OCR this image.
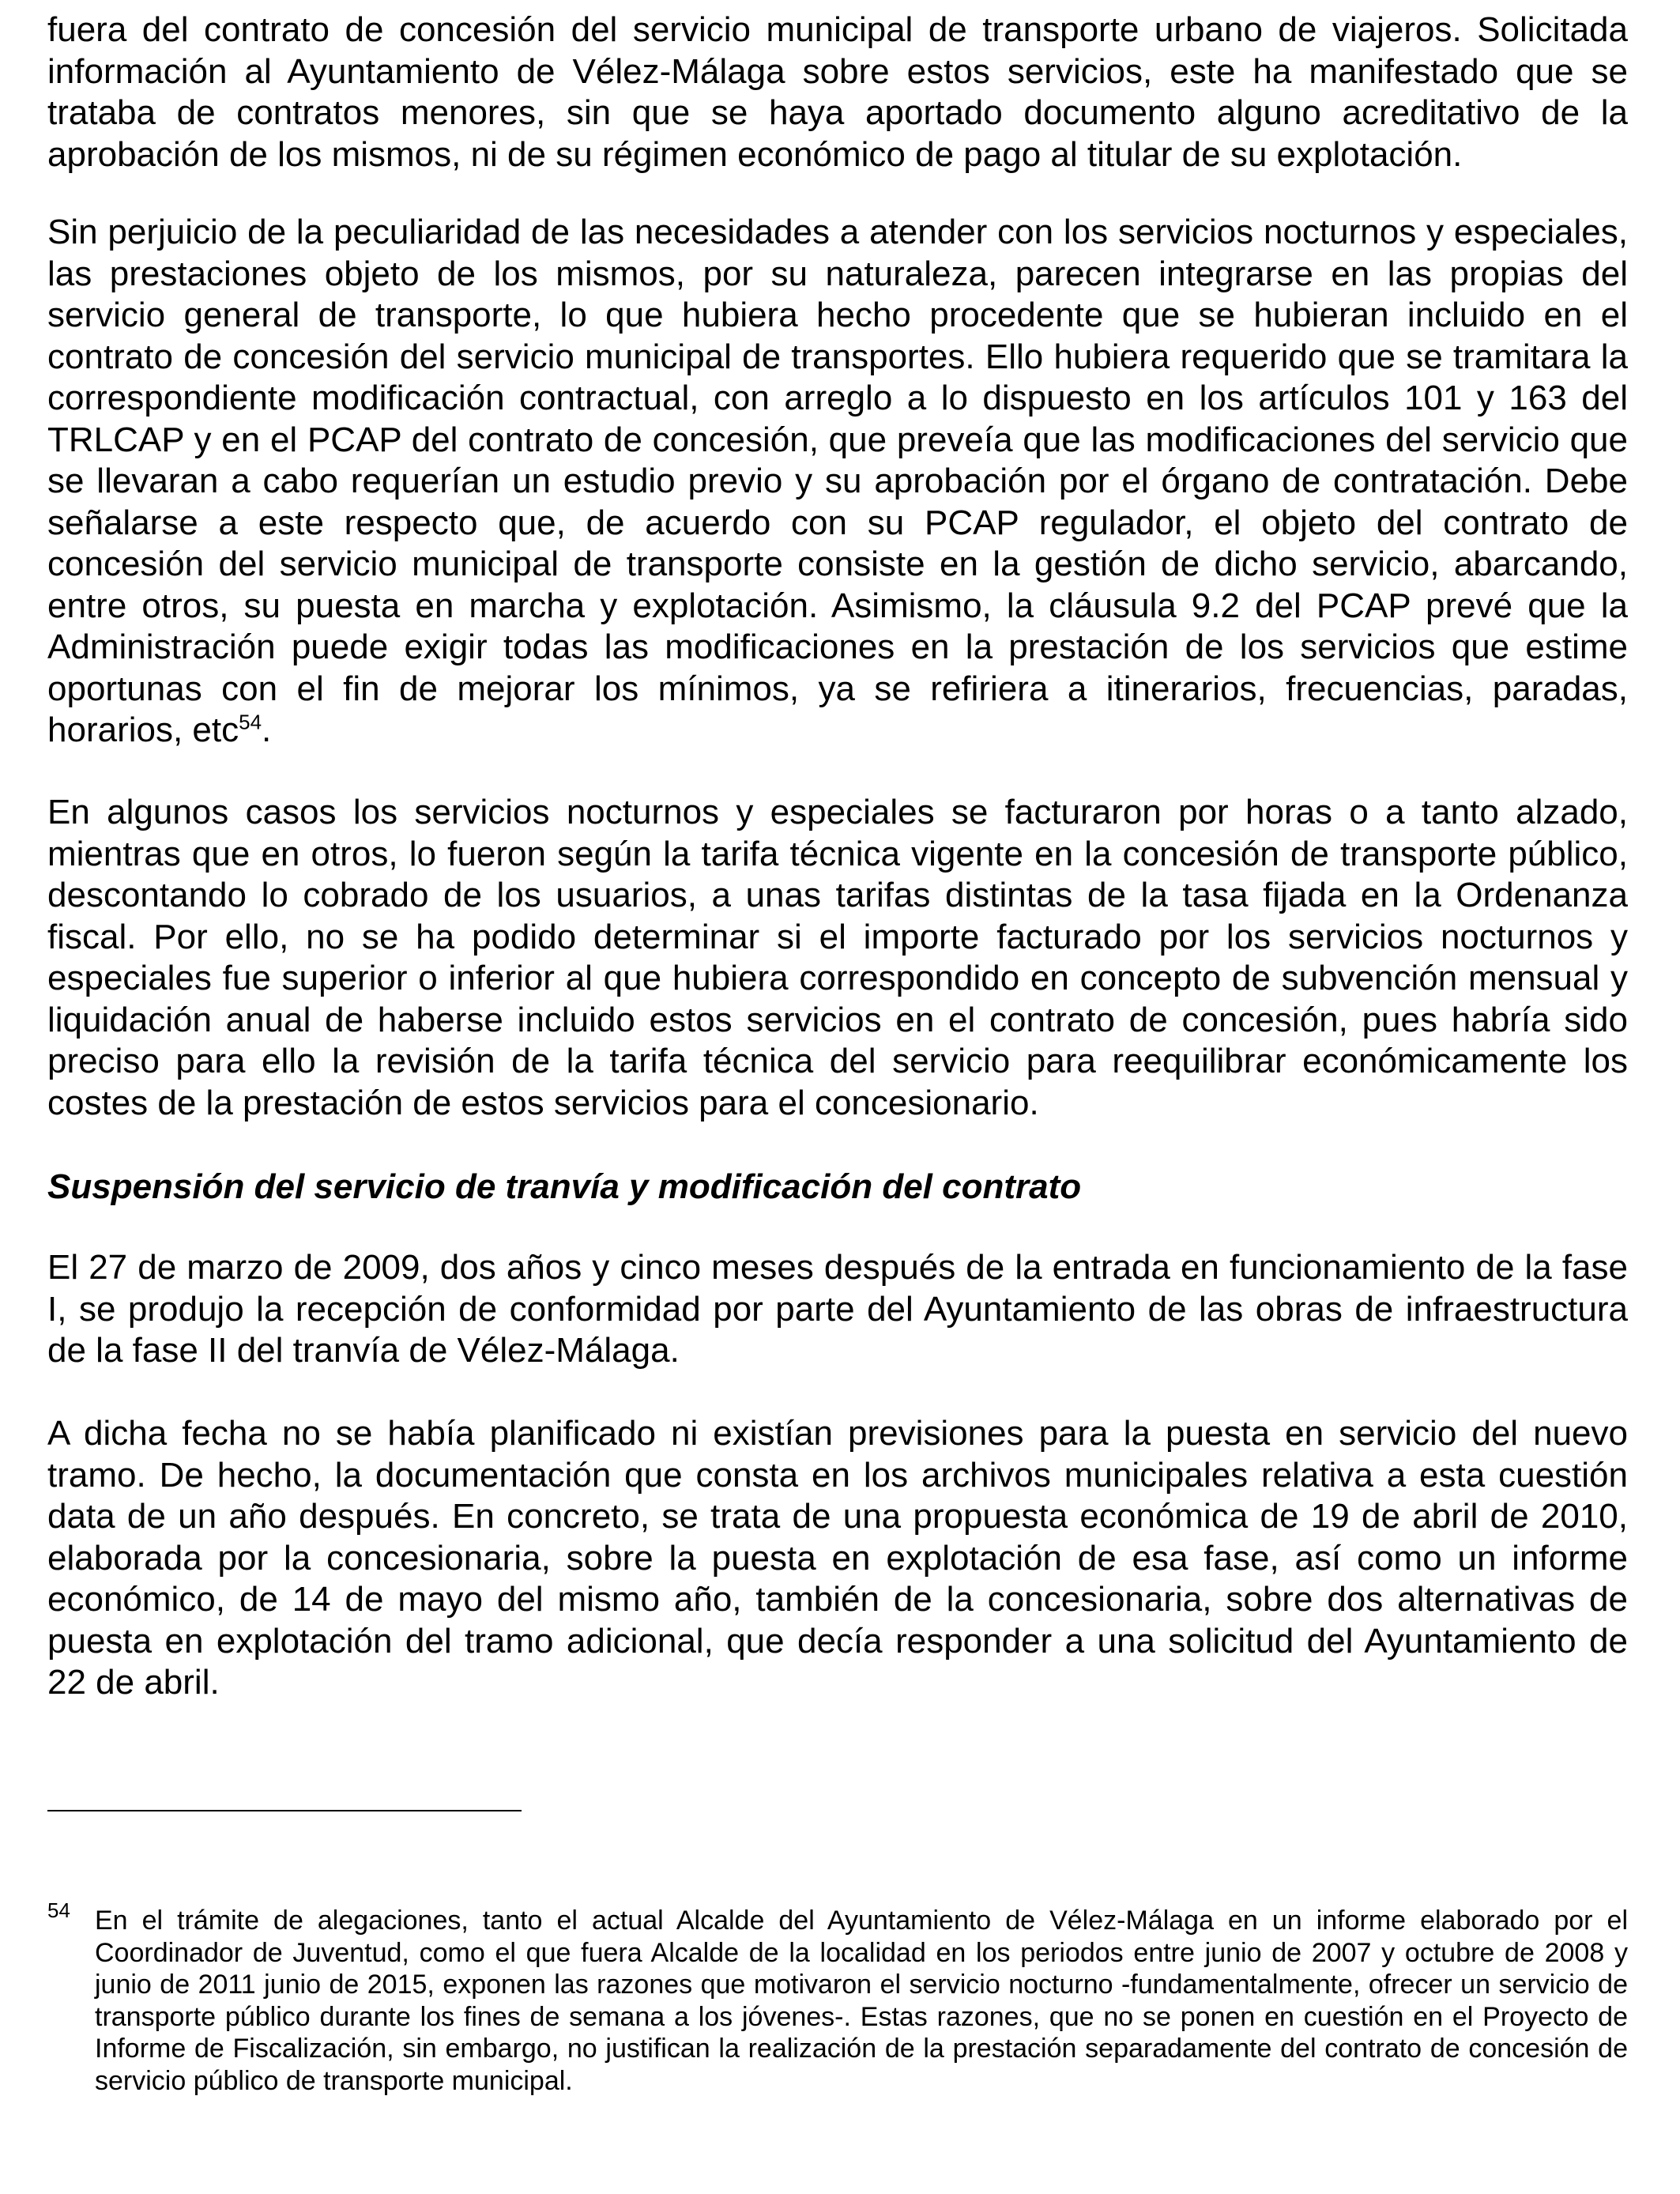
fuera del contrato de concesión del servicio municipal de transporte urbano de viajeros. Solicitada información al Ayuntamiento de Vélez-Málaga sobre estos servicios, este ha manifestado que se trataba de contratos menores, sin que se haya aportado documento alguno acreditativo de la aprobación de los mismos, ni de su régimen económico de pago al titular de su explotación.

Sin perjuicio de la peculiaridad de las necesidades a atender con los servicios nocturnos y especiales, las prestaciones objeto de los mismos, por su naturaleza, parecen integrarse en las propias del servicio general de transporte, lo que hubiera hecho procedente que se hubieran incluido en el contrato de concesión del servicio municipal de transportes. Ello hubiera requerido que se tramitara la correspondiente modificación contractual, con arreglo a lo dispuesto en los artículos 101 y 163 del TRLCAP y en el PCAP del contrato de concesión, que preveía que las modificaciones del servicio que se llevaran a cabo requerían un estudio previo y su aprobación por el órgano de contratación. Debe señalarse a este respecto que, de acuerdo con su PCAP regulador, el objeto del contrato de concesión del servicio municipal de transporte consiste en la gestión de dicho servicio, abarcando, entre otros, su puesta en marcha y explotación. Asimismo, la cláusula 9.2 del PCAP prevé que la Administración puede exigir todas las modificaciones en la prestación de los servicios que estime oportunas con el fin de mejorar los mínimos, ya se refiriera a itinerarios, frecuencias, paradas, horarios, etc$^{54}$.

En algunos casos los servicios nocturnos y especiales se facturaron por horas o a tanto alzado, mientras que en otros, lo fueron según la tarifa técnica vigente en la concesión de transporte público, descontando lo cobrado de los usuarios, a unas tarifas distintas de la tasa fijada en la Ordenanza fiscal. Por ello, no se ha podido determinar si el importe facturado por los servicios nocturnos y especiales fue superior o inferior al que hubiera correspondido en concepto de subvención mensual y liquidación anual de haberse incluido estos servicios en el contrato de concesión, pues habría sido preciso para ello la revisión de la tarifa técnica del servicio para reequilibrar económicamente los costes de la prestación de estos servicios para el concesionario.

Suspensión del servicio de tranvía y modificación del contrato

El 27 de marzo de 2009, dos años y cinco meses después de la entrada en funcionamiento de la fase I, se produjo la recepción de conformidad por parte del Ayuntamiento de las obras de infraestructura de la fase II del tranvía de Vélez-Málaga.

A dicha fecha no se había planificado ni existían previsiones para la puesta en servicio del nuevo tramo. De hecho, la documentación que consta en los archivos municipales relativa a esta cuestión data de un año después. En concreto, se trata de una propuesta económica de 19 de abril de 2010, elaborada por la concesionaria, sobre la puesta en explotación de esa fase, así como un informe económico, de 14 de mayo del mismo año, también de la concesionaria, sobre dos alternativas de puesta en explotación del tramo adicional, que decía responder a una solicitud del Ayuntamiento de 22 de abril.

54 En el trámite de alegaciones, tanto el actual Alcalde del Ayuntamiento de Vélez-Málaga en un informe elaborado por el Coordinador de Juventud, como el que fuera Alcalde de la localidad en los periodos entre junio de 2007 y octubre de 2008 y junio de 2011 junio de 2015, exponen las razones que motivaron el servicio nocturno -fundamentalmente, ofrecer un servicio de transporte público durante los fines de semana a los jóvenes-. Estas razones, que no se ponen en cuestión en el Proyecto de Informe de Fiscalización, sin embargo, no justifican la realización de la prestación separadamente del contrato de concesión de servicio público de transporte municipal.
